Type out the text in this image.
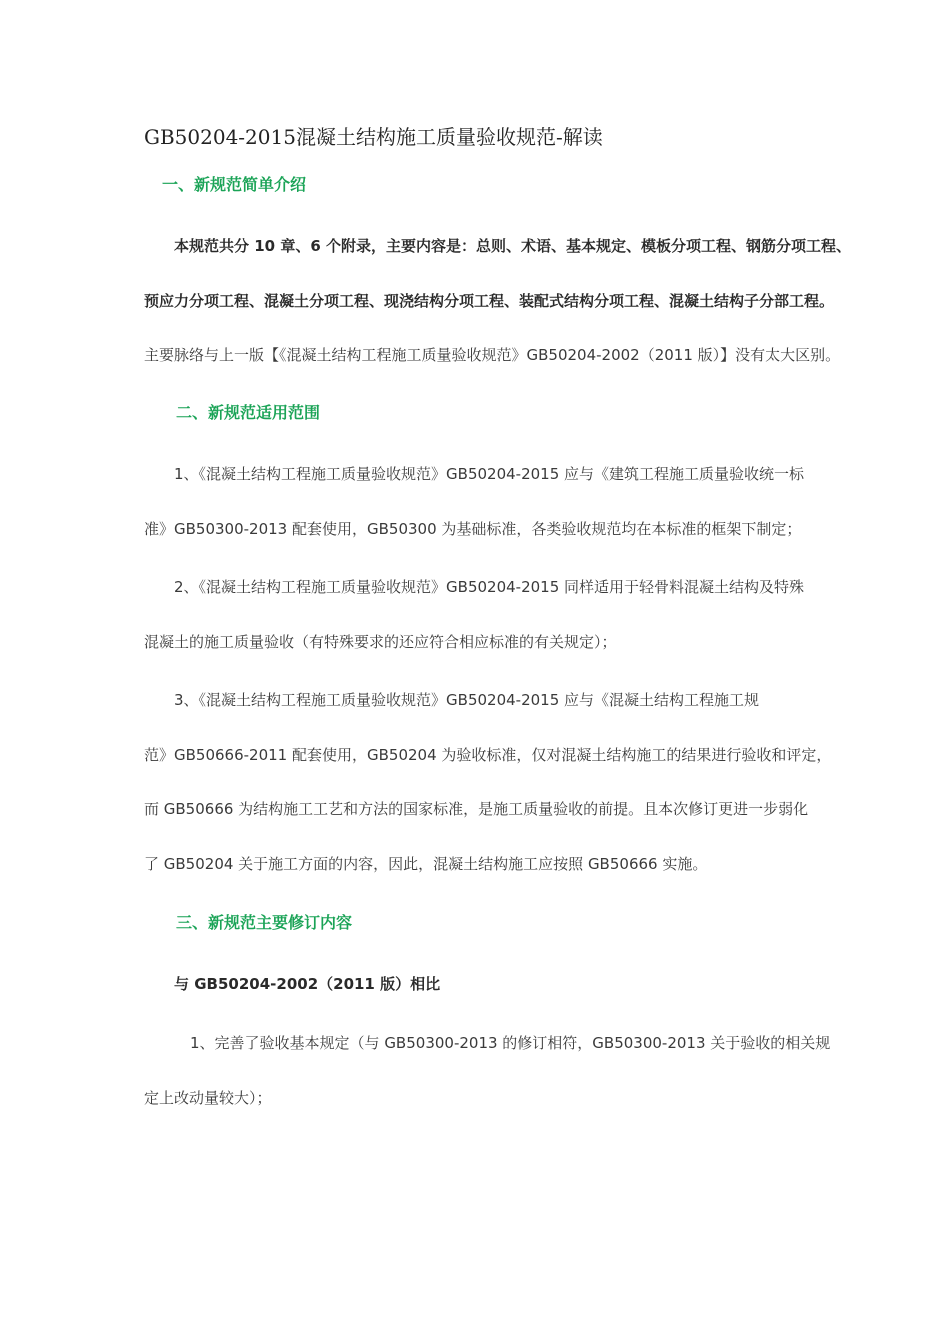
GB50204-2015混凝土结构施工质量验收规范-解读
一、新规范简单介绍
本规范共分 10 章、6 个附录，主要内容是：总则、术语、基本规定、模板分项工程、钢筋分项工程、
预应力分项工程、混凝土分项工程、现浇结构分项工程、装配式结构分项工程、混凝土结构子分部工程。
主要脉络与上一版【《混凝土结构工程施工质量验收规范》GB50204-2002（2011 版）】没有太大区别。
二、新规范适用范围
1、《混凝土结构工程施工质量验收规范》GB50204-2015 应与《建筑工程施工质量验收统一标
准》GB50300-2013 配套使用，GB50300 为基础标准，各类验收规范均在本标准的框架下制定；
2、《混凝土结构工程施工质量验收规范》GB50204-2015 同样适用于轻骨料混凝土结构及特殊
混凝土的施工质量验收（有特殊要求的还应符合相应标准的有关规定）；
3、《混凝土结构工程施工质量验收规范》GB50204-2015 应与《混凝土结构工程施工规
范》GB50666-2011 配套使用，GB50204 为验收标准，仅对混凝土结构施工的结果进行验收和评定，
而 GB50666 为结构施工工艺和方法的国家标准，是施工质量验收的前提。且本次修订更进一步弱化
了 GB50204 关于施工方面的内容，因此，混凝土结构施工应按照 GB50666 实施。
三、新规范主要修订内容
与 GB50204-2002（2011 版）相比
1、完善了验收基本规定（与 GB50300-2013 的修订相符，GB50300-2013 关于验收的相关规
定上改动量较大）；
